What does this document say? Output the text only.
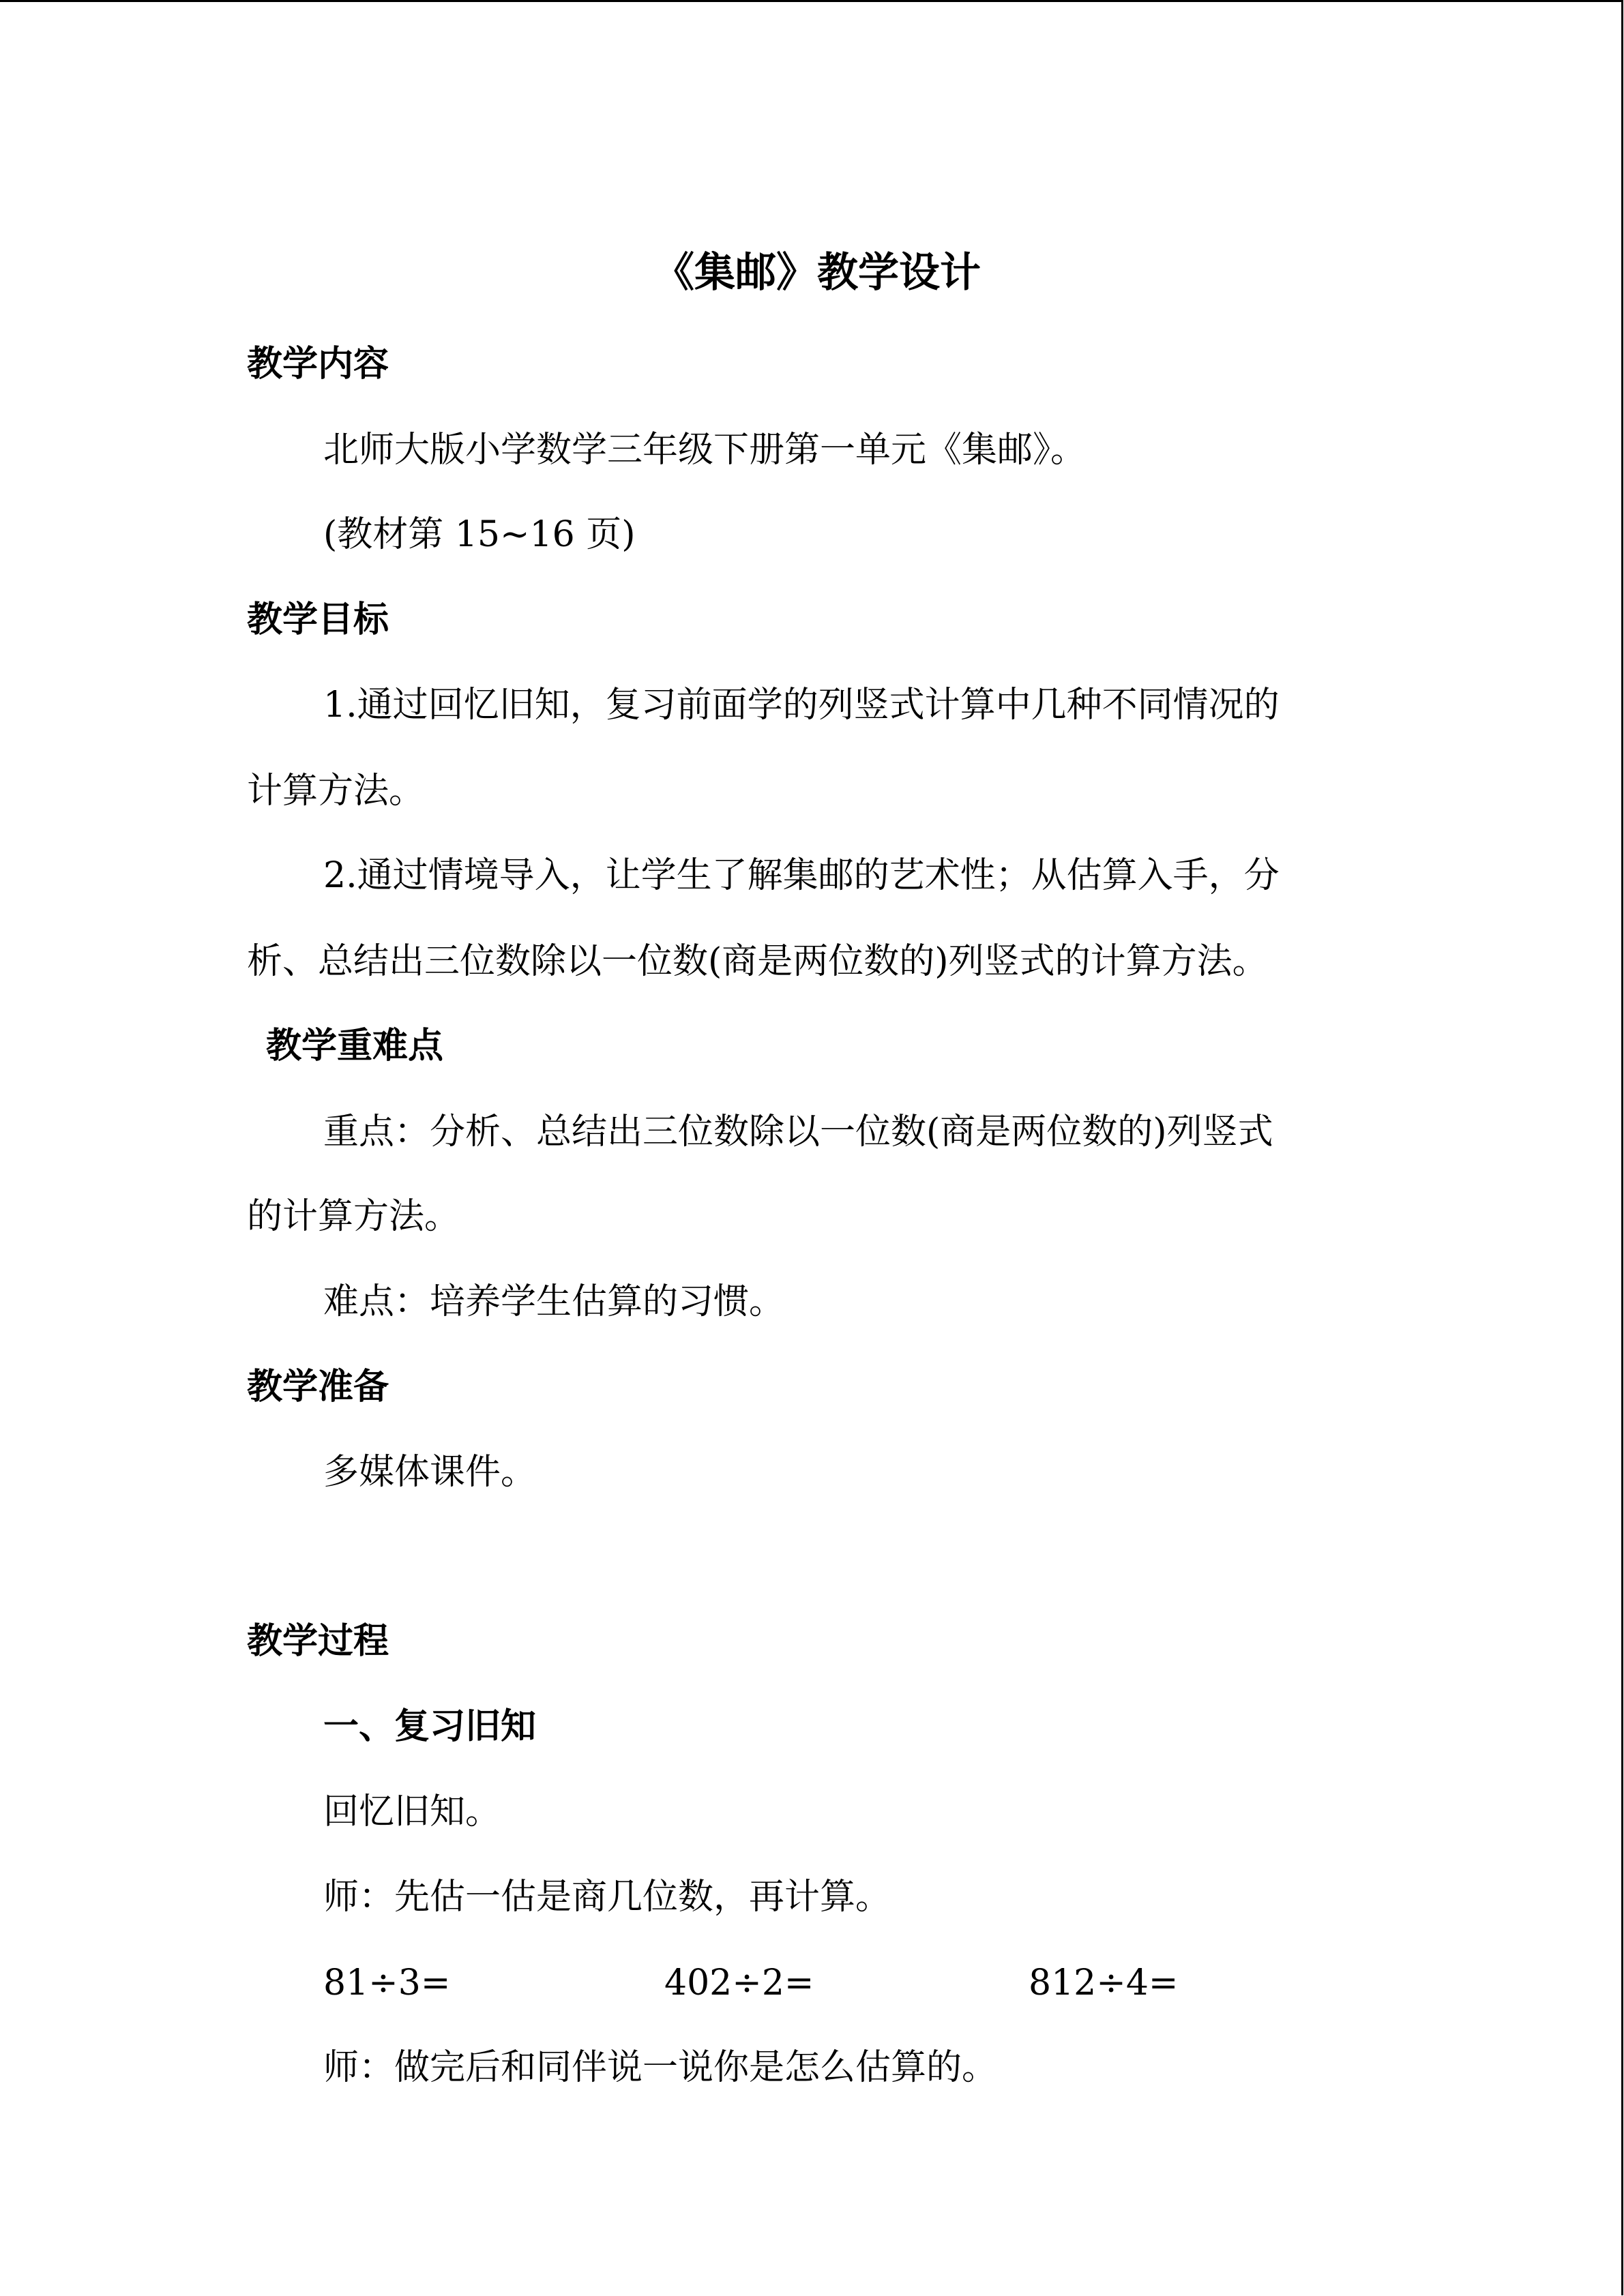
《集邮》教学设计
教学内容

北师大版小学数学三年级下册第一单元《集邮》。

(教材第 15~16 页)

教学目标

1.通过回忆旧知，复习前面学的列竖式计算中几种不同情况的

计算方法。

2.通过情境导入，让学生了解集邮的艺术性；从估算入手，分

析、总结出三位数除以一位数(商是两位数的)列竖式的计算方法。

教学重难点

重点：分析、总结出三位数除以一位数(商是两位数的)列竖式

的计算方法。

难点：培养学生估算的习惯。

教学准备

多媒体课件。

教学过程
一、复习旧知

回忆旧知。

师：先估一估是商几位数，再计算。

81÷3=	402÷2=	812÷4=

师：做完后和同伴说一说你是怎么估算的。
